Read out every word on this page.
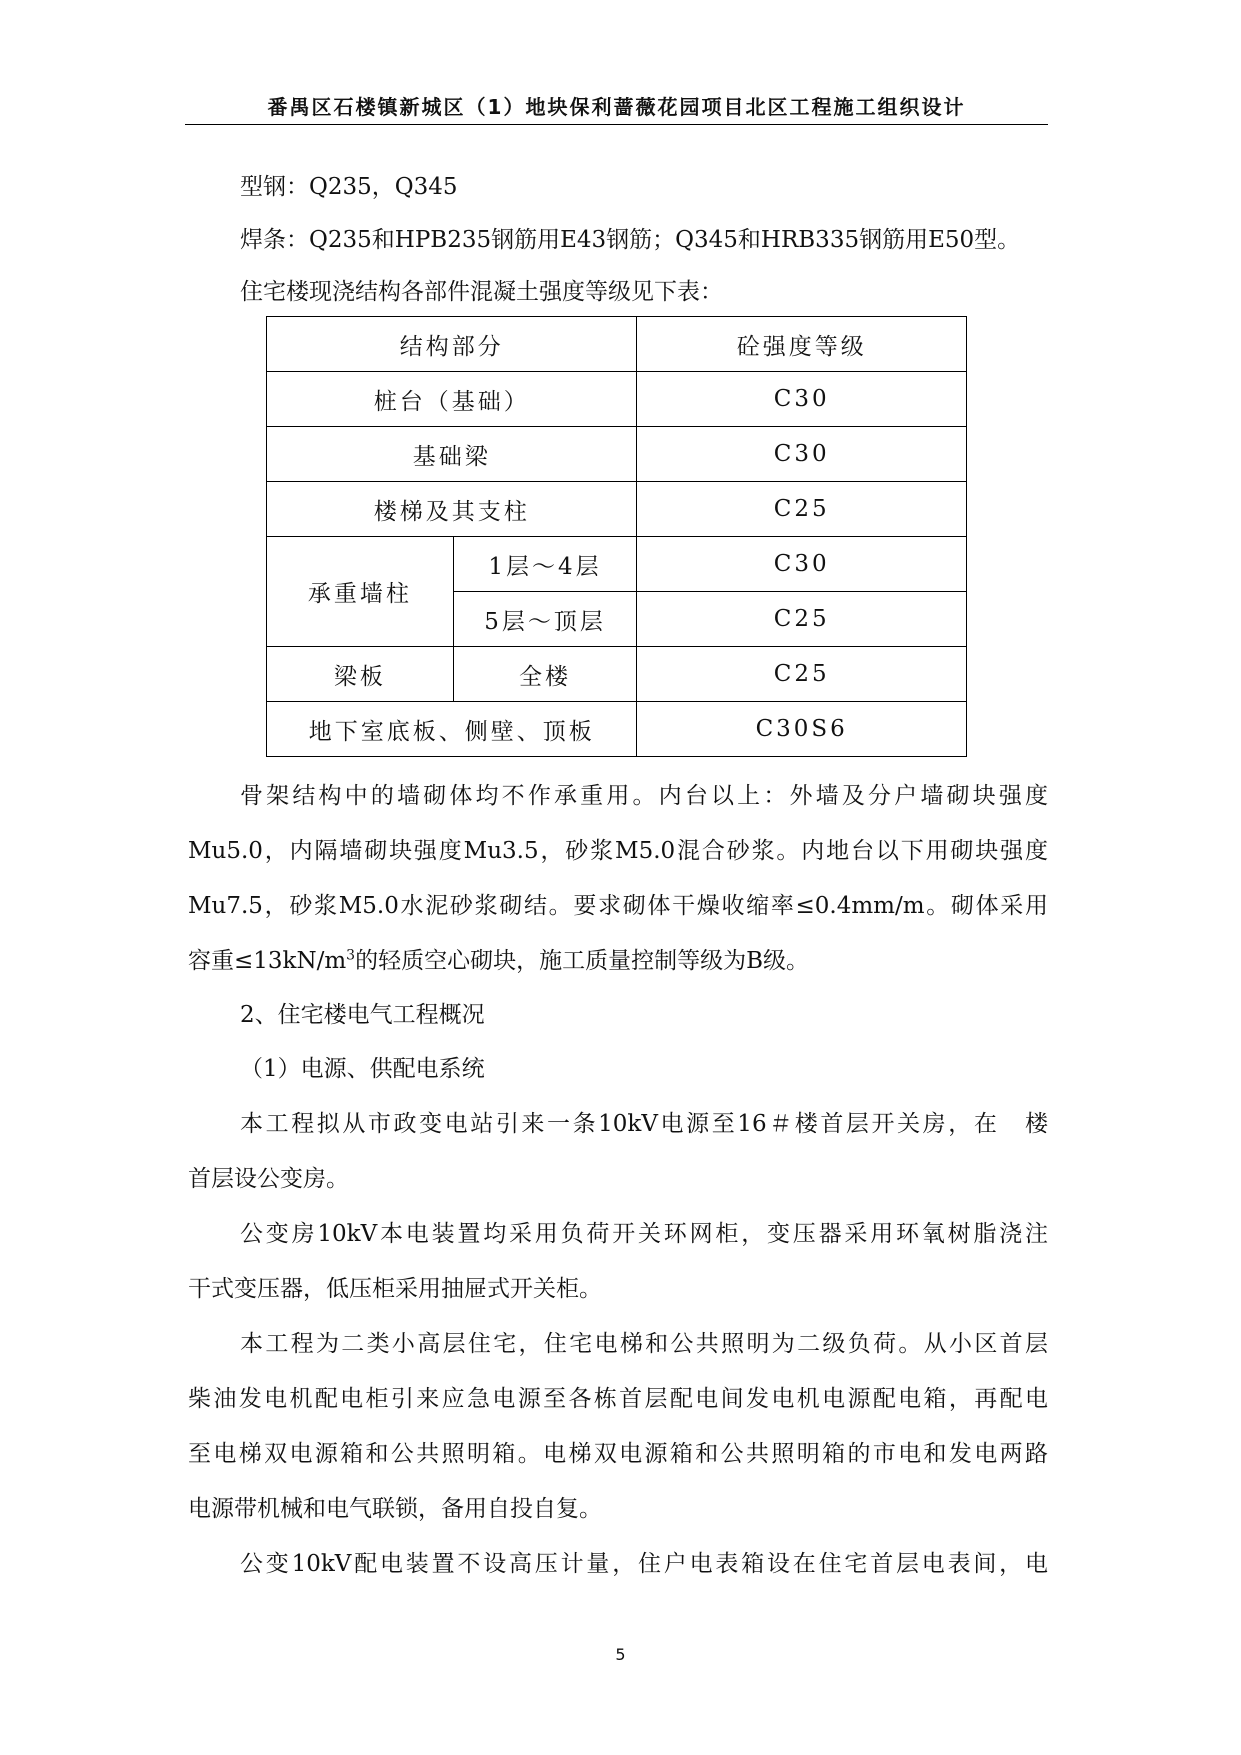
番禺区石楼镇新城区（1）地块保利蔷薇花园项目北区工程施工组织设计

型钢：Q235，Q345

焊条：Q235和HPB235钢筋用E43钢筋；Q345和HRB335钢筋用E50型。

住宅楼现浇结构各部件混凝土强度等级见下表：

结构部分		砼强度等级
桩台（基础）		C30
基础梁		C30
楼梯及其支柱		C25
承重墙柱	1层～4层	C30
	5层～顶层	C25
梁板	全楼	C25
地下室底板、侧壁、顶板		C30S6

骨架结构中的墙砌体均不作承重用。内台以上：外墙及分户墙砌块强度

Mu5.0，内隔墙砌块强度Mu3.5，砂浆M5.0混合砂浆。内地台以下用砌块强度

Mu7.5，砂浆M5.0水泥砂浆砌结。要求砌体干燥收缩率≤0.4mm/m。砌体采用

容重$\le 13kN/m^3$的轻质空心砌块，施工质量控制等级为B级。

2、住宅楼电气工程概况

（1）电源、供配电系统

本工程拟从市政变电站引来一条10kV电源至16＃楼首层开关房，在　楼

首层设公变房。

公变房10kV本电装置均采用负荷开关环网柜，变压器采用环氧树脂浇注

干式变压器，低压柜采用抽屉式开关柜。

本工程为二类小高层住宅，住宅电梯和公共照明为二级负荷。从小区首层

柴油发电机配电柜引来应急电源至各栋首层配电间发电机电源配电箱，再配电

至电梯双电源箱和公共照明箱。电梯双电源箱和公共照明箱的市电和发电两路

电源带机械和电气联锁，备用自投自复。

公变10kV配电装置不设高压计量，住户电表箱设在住宅首层电表间，电

5
